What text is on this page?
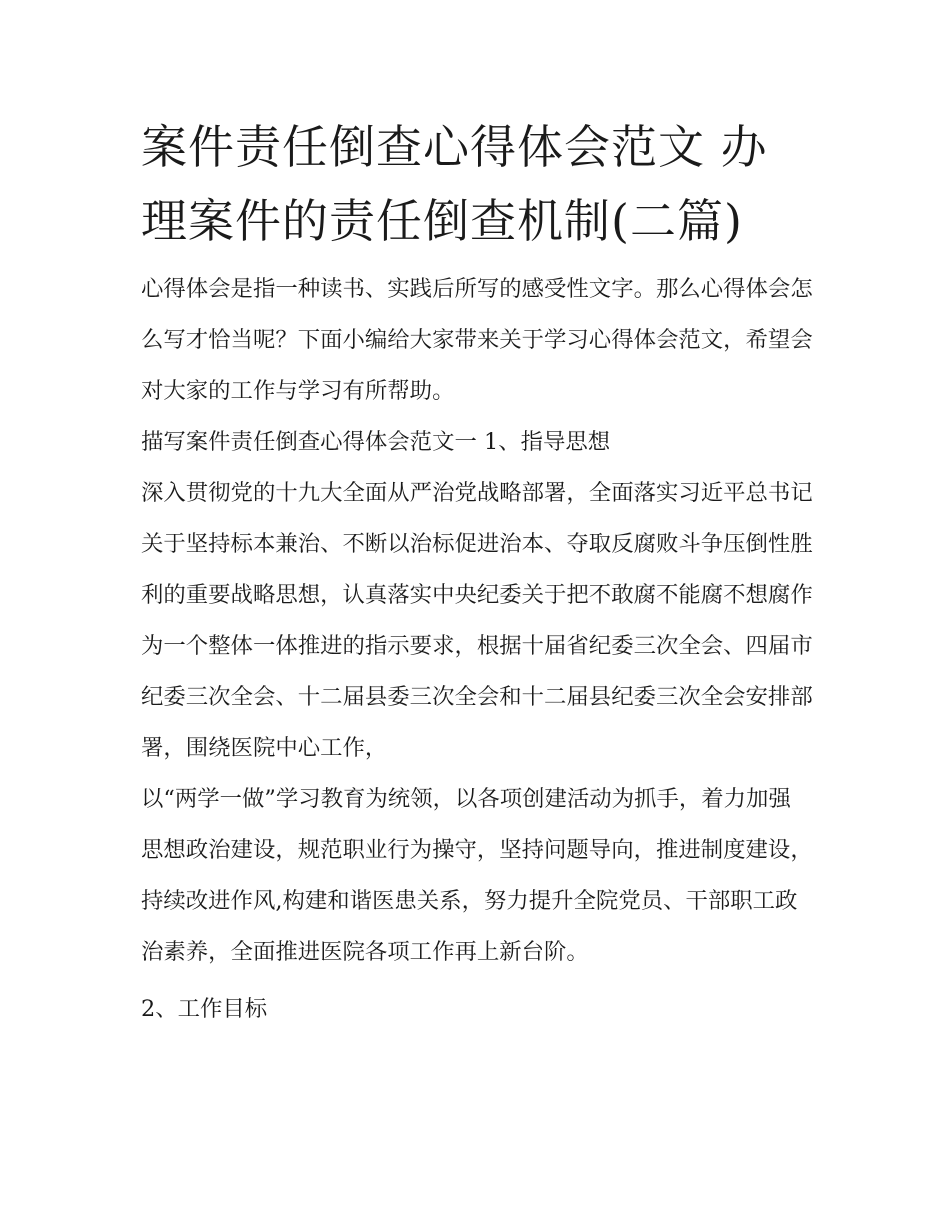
案件责任倒查心得体会范文 办理案件的责任倒查机制(二篇)

心得体会是指一种读书、实践后所写的感受性文字。那么心得体会怎么写才恰当呢？下面小编给大家带来关于学习心得体会范文，希望会对大家的工作与学习有所帮助。

描写案件责任倒查心得体会范文一 1、指导思想

深入贯彻党的十九大全面从严治党战略部署，全面落实习近平总书记关于坚持标本兼治、不断以治标促进治本、夺取反腐败斗争压倒性胜利的重要战略思想，认真落实中央纪委关于把不敢腐不能腐不想腐作为一个整体一体推进的指示要求，根据十届省纪委三次全会、四届市纪委三次全会、十二届县委三次全会和十二届县纪委三次全会安排部署，围绕医院中心工作，

以“两学一做”学习教育为统领，以各项创建活动为抓手，着力加强思想政治建设，规范职业行为操守，坚持问题导向，推进制度建设，持续改进作风,构建和谐医患关系，努力提升全院党员、干部职工政治素养，全面推进医院各项工作再上新台阶。

2、工作目标
